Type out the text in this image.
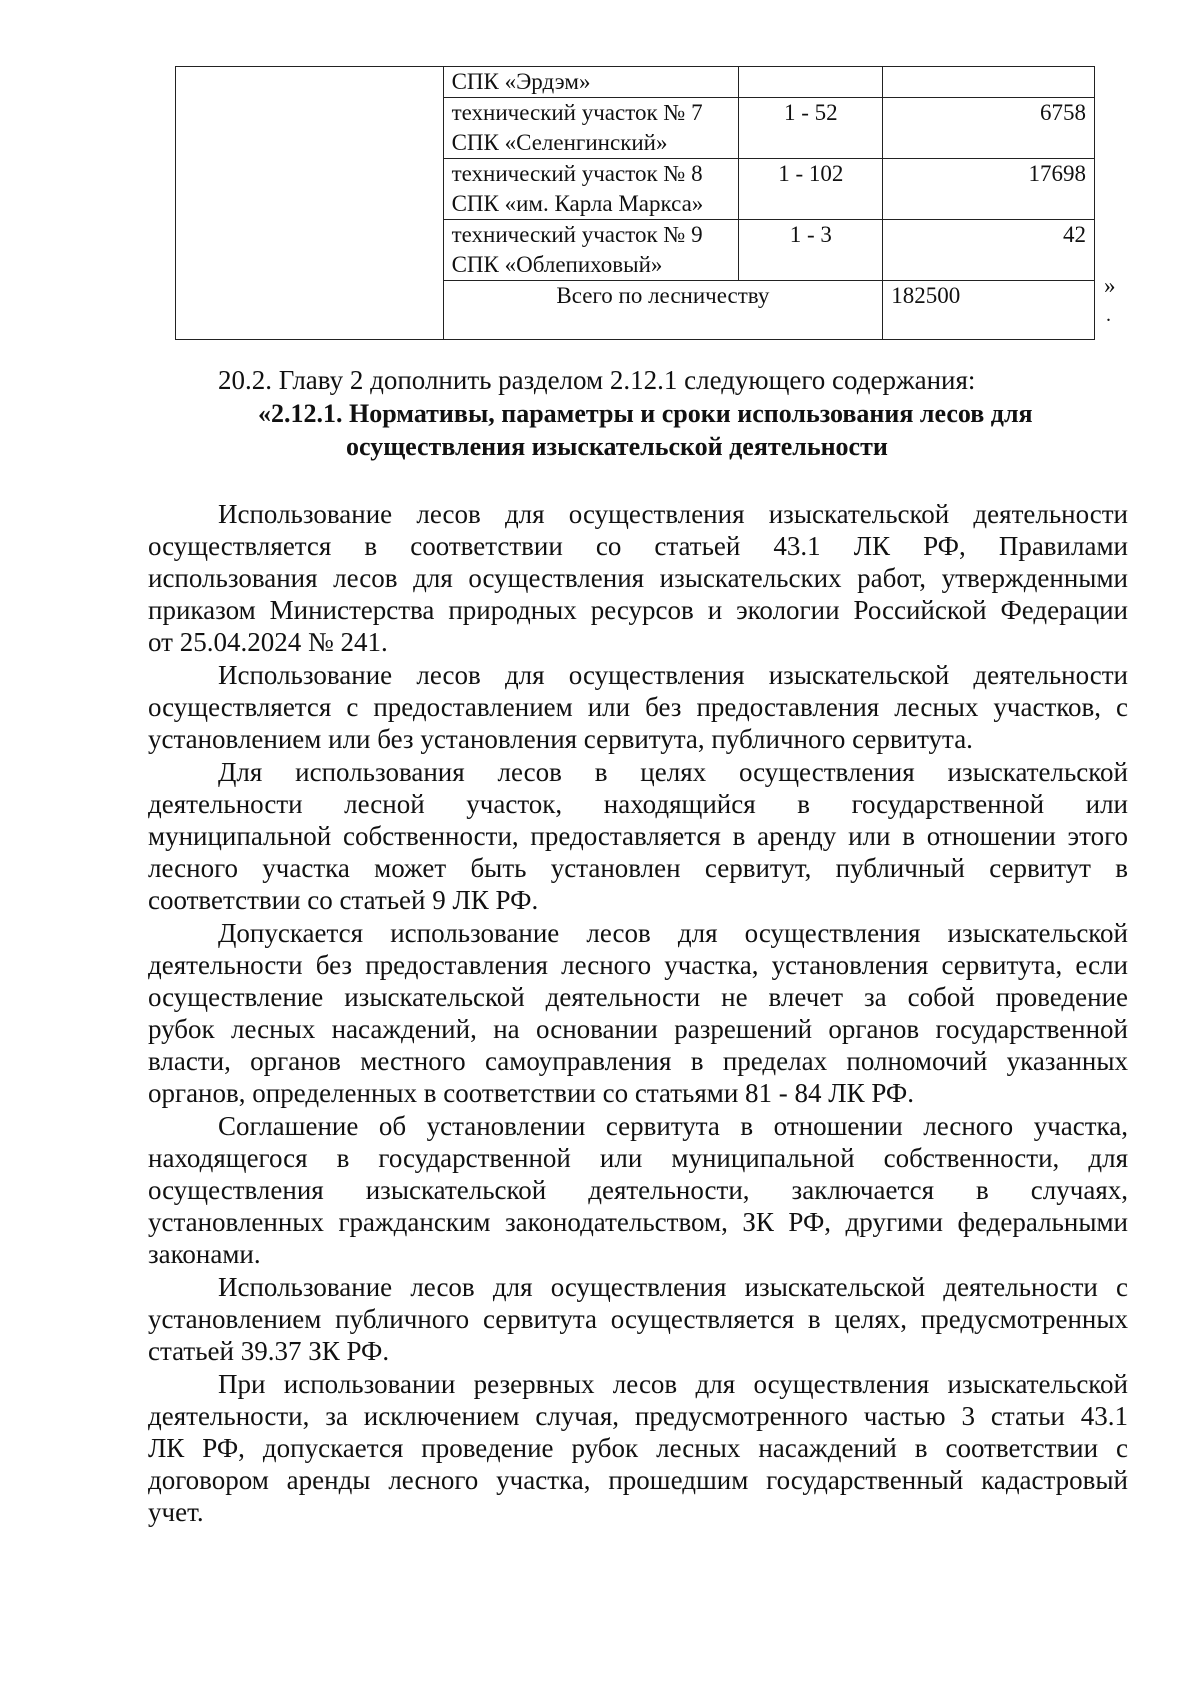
	СПК «Эрдэм»		

	технический участок № 7
СПК «Селенгинский»	1 - 52	6758

	технический участок № 8
СПК «им. Карла Маркса»	1 - 102	17698

	технический участок № 9
СПК «Облепиховый»	1 - 3	42
	Всего по лесничеству		182500	»
.
20.2. Главу 2 дополнить разделом 2.12.1 следующего содержания:
«2.12.1. Нормативы, параметры и сроки использования лесов для
осуществления изыскательской деятельности
Использование лесов для осуществления изыскательской деятельности
осуществляется в соответствии со статьей 43.1 ЛК РФ, Правилами
использования лесов для осуществления изыскательских работ, утвержденными
приказом Министерства природных ресурсов и экологии Российской Федерации
от 25.04.2024 № 241.
Использование лесов для осуществления изыскательской деятельности
осуществляется с предоставлением или без предоставления лесных участков, с
установлением или без установления сервитута, публичного сервитута.
Для использования лесов в целях осуществления изыскательской
деятельности лесной участок, находящийся в государственной или
муниципальной собственности, предоставляется в аренду или в отношении этого
лесного участка может быть установлен сервитут, публичный сервитут в
соответствии со статьей 9 ЛК РФ.
Допускается использование лесов для осуществления изыскательской
деятельности без предоставления лесного участка, установления сервитута, если
осуществление изыскательской деятельности не влечет за собой проведение
рубок лесных насаждений, на основании разрешений органов государственной
власти, органов местного самоуправления в пределах полномочий указанных
органов, определенных в соответствии со статьями 81 - 84 ЛК РФ.
Соглашение об установлении сервитута в отношении лесного участка,
находящегося в государственной или муниципальной собственности, для
осуществления изыскательской деятельности, заключается в случаях,
установленных гражданским законодательством, ЗК РФ, другими федеральными
законами.
Использование лесов для осуществления изыскательской деятельности с
установлением публичного сервитута осуществляется в целях, предусмотренных
статьей 39.37 ЗК РФ.
При использовании резервных лесов для осуществления изыскательской
деятельности, за исключением случая, предусмотренного частью 3 статьи 43.1
ЛК РФ, допускается проведение рубок лесных насаждений в соответствии с
договором аренды лесного участка, прошедшим государственный кадастровый
учет.
